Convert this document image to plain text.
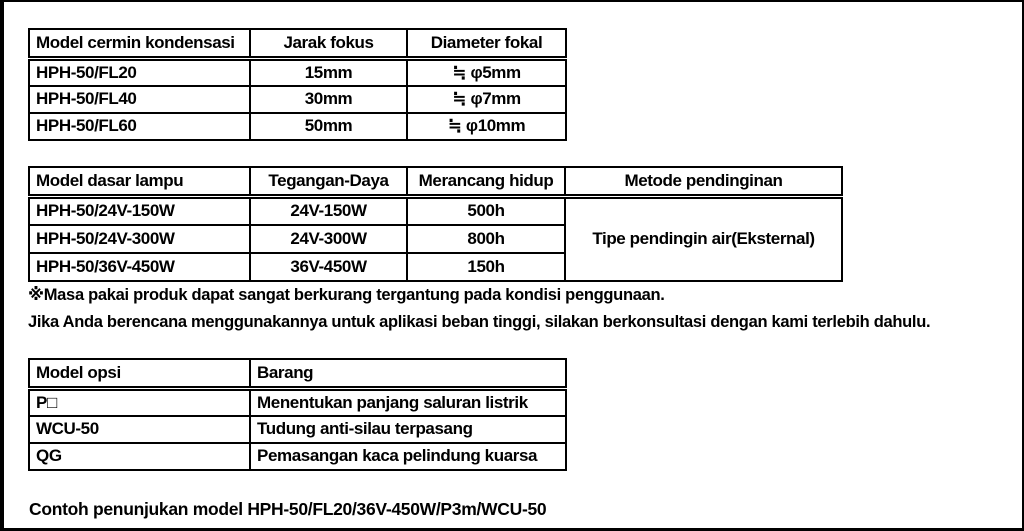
Model cermin kondensasi	Jarak fokus	Diameter fokal
HPH-50/FL20	15mm	≒ φ5mm
HPH-50/FL40	30mm	≒ φ7mm
HPH-50/FL60	50mm	≒ φ10mm
Model dasar lampu	Tegangan-Daya	Merancang hidup	Metode pendinginan
HPH-50/24V-150W	24V-150W	500h	Tipe pendingin air(Eksternal)
HPH-50/24V-300W	24V-300W	800h	
HPH-50/36V-450W	36V-450W	150h	
※Masa pakai produk dapat sangat berkurang tergantung pada kondisi penggunaan.
Jika Anda berencana menggunakannya untuk aplikasi beban tinggi, silakan berkonsultasi dengan kami terlebih dahulu.
Model opsi	Barang
P□	Menentukan panjang saluran listrik
WCU-50	Tudung anti-silau terpasang
QG	Pemasangan kaca pelindung kuarsa
Contoh penunjukan model HPH-50/FL20/36V-450W/P3m/WCU-50
